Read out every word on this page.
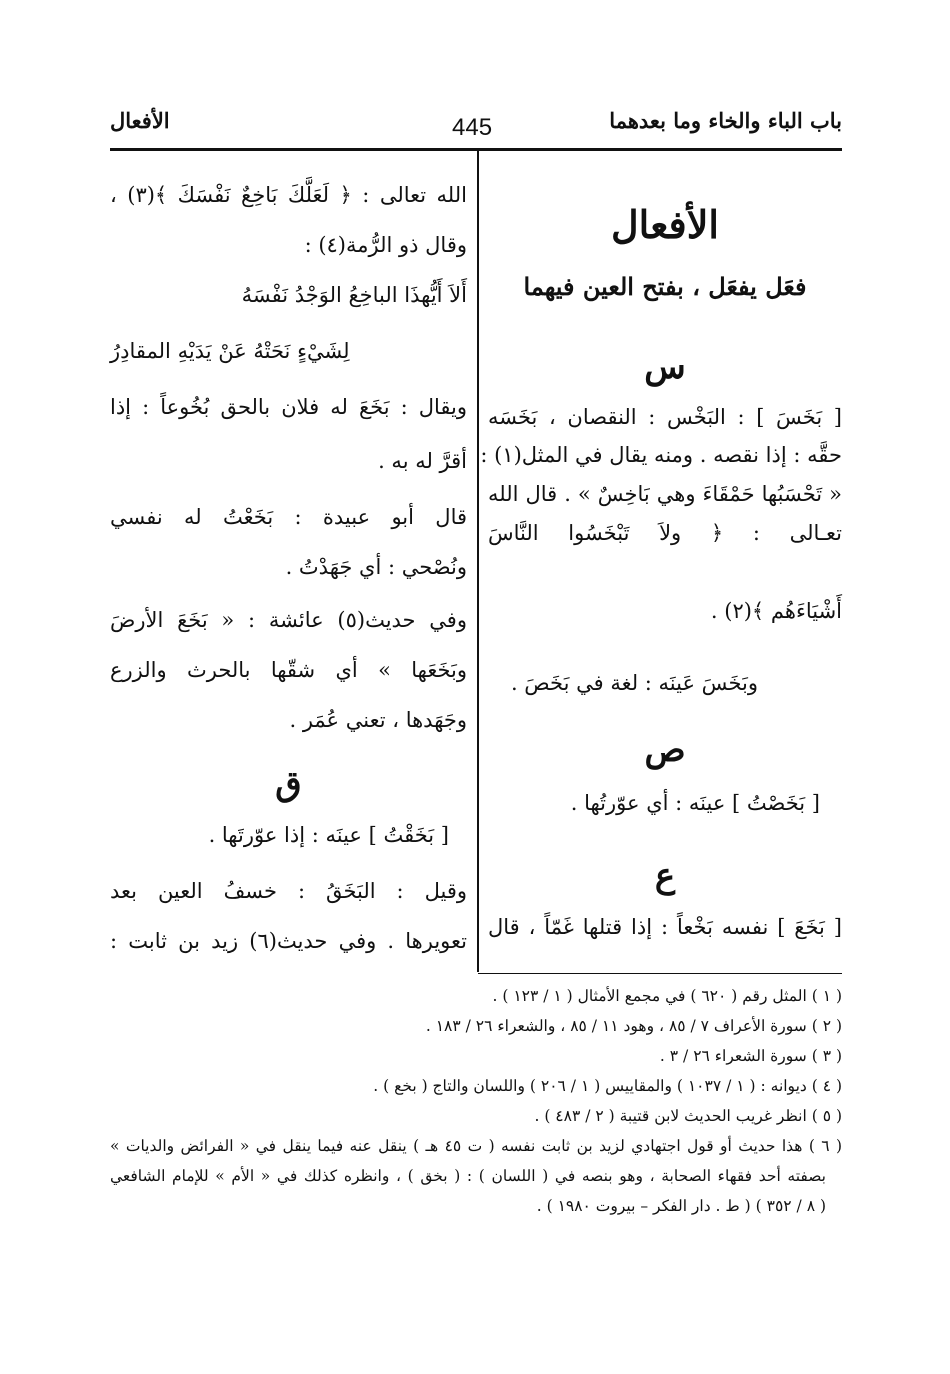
باب الباء والخاء وما بعدهما
445
الأفعال
الأفعال
فعَل يفعَل ، بفتح العين فيهما
س
[ بَخَسَ ] : البَخْس : النقصان ، بَخَسَه
حقَّه : إذا نقصه . ومنه يقال في المثل(١) :
« تَحْسَبُها حَمْقَاءَ وهي بَاخِسٌ » . قال الله
تعـالى : ﴿ ولاَ تَبْخَسُوا النَّاسَ
أَشْيَاءَهُم ﴾(٢) .
وبَخَسَ عَينَه : لغة في بَخَصَ .
ص
[ بَخَصْتُ ] عينَه : أي عوّرتُها .
ع
[ بَخَعَ ] نفسه بَخْعاً : إذا قتلها غَمّاً ، قال
الله تعالى : ﴿ لَعَلَّكَ بَاخِعٌ نَفْسَكَ ﴾(٣) ،
وقال ذو الرُّمة(٤) :
أَلاَ أَيُّهذَا الباخِعُ الوَجْدُ نَفْسَهُ
لِشَيْءٍ نَحَتْهُ عَنْ يَدَيْهِ المقادِرُ
ويقال : بَخَعَ له فلان بالحق بُخُوعاً : إذا
أقرَّ له به .
قال أبو عبيدة : بَخَعْتُ له نفسي
ونُصْحي : أي جَهَدْتُ .
وفي حديث(٥) عائشة : « بَخَعَ الأرضَ
وبَخَعَها » أي شقّها بالحرث والزرع
وجَهَدها ، تعني عُمَر .
ق
[ بَخَقْتُ ] عينَه : إذا عوّرتَها .
وقيل : البَخَقُ : خسفُ العين بعد
تعويرها . وفي حديث(٦) زيد بن ثابت :
( ١ ) المثل رقم ( ٦٢٠ ) في مجمع الأمثال ( ١ / ١٢٣ ) .
( ٢ ) سورة الأعراف ٧ / ٨٥ ، وهود ١١ / ٨٥ ، والشعراء ٢٦ / ١٨٣ .
( ٣ ) سورة الشعراء ٢٦ / ٣ .
( ٤ ) ديوانه : ( ١ / ١٠٣٧ ) والمقاييس ( ١ / ٢٠٦ ) واللسان والتاج ( بخع ) .
( ٥ ) انظر غريب الحديث لابن قتيبة ( ٢ / ٤٨٣ ) .
( ٦ ) هذا حديث أو قول اجتهادي لزيد بن ثابت نفسه ( ت ٤٥ هـ ) ينقل عنه فيما ينقل في « الفرائض والديات »
بصفته أحد فقهاء الصحابة ، وهو بنصه في ( اللسان ) : ( بخق ) ، وانظره كذلك في « الأم » للإمام الشافعي
( ٨ / ٣٥٢ ) ( ط . دار الفكر – بيروت ١٩٨٠ ) .
